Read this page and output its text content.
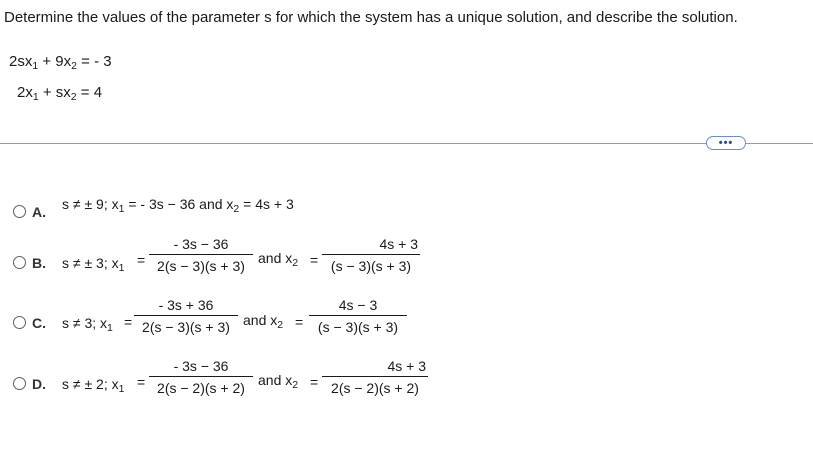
Determine the values of the parameter s for which the system has a unique solution, and describe the solution.
$2sx_1 + 9x_2$ = - 3
$2x_1 + sx_2 = 4$
•••
A. s ≠ ± 9; $x_1$ = - 3s − 36 and $x_2 = 4s + 3$
B. s ≠ ± 3; $x_1$ =
- 3s − 36
2(s − 3)(s + 3) and $x_2$ =
4s + 3
(s − 3)(s + 3)
C. s ≠ 3; $x_1$ =
- 3s + 36
2(s − 3)(s + 3) and $x_2$ =
4s − 3
(s − 3)(s + 3)
D. s ≠ ± 2; $x_1$ =
- 3s − 36
2(s − 2)(s + 2) and $x_2$ =
4s + 3
2(s − 2)(s + 2)
